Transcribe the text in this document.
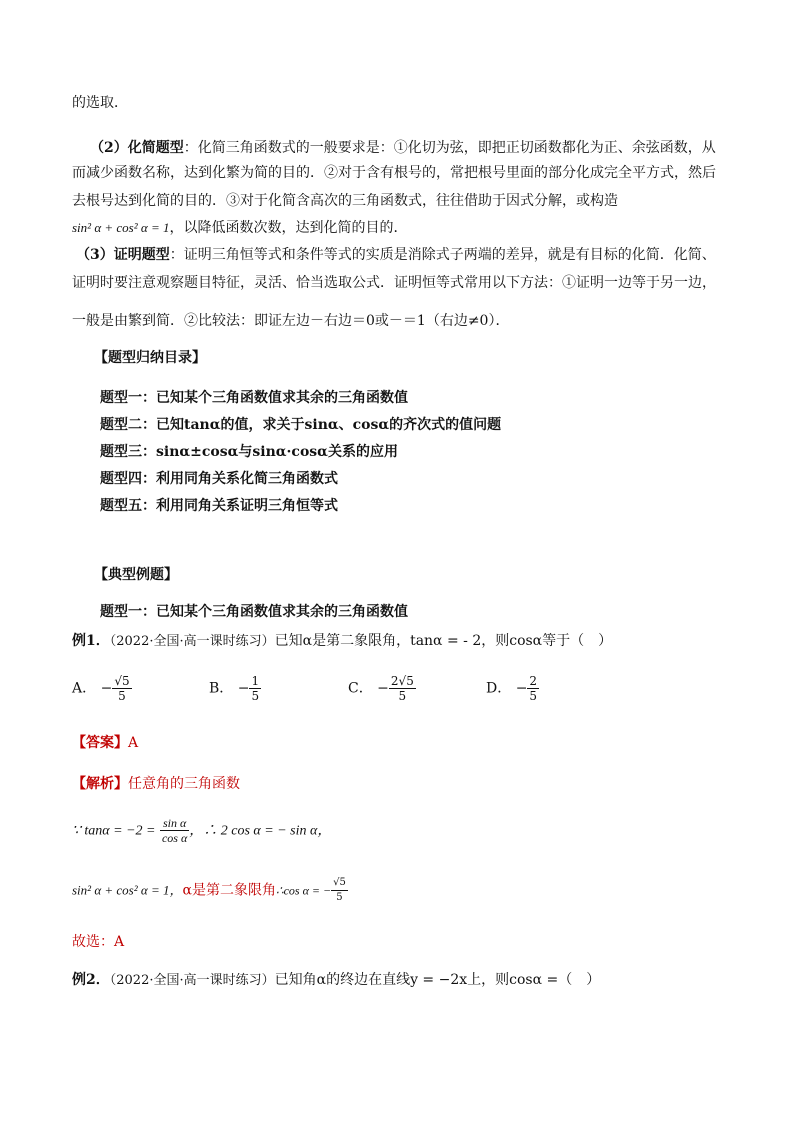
的选取．
（2）化简题型：化简三角函数式的一般要求是：①化切为弦，即把正切函数都化为正、余弦函数，从
而减少函数名称，达到化繁为简的目的．②对于含有根号的，常把根号里面的部分化成完全平方式，然后
去根号达到化简的目的．③对于化简含高次的三角函数式，往往借助于因式分解，或构造
sin² α + cos² α = 1，以降低函数次数，达到化简的目的．
（3）证明题型：证明三角恒等式和条件等式的实质是消除式子两端的差异，就是有目标的化简．化简、
证明时要注意观察题目特征，灵活、恰当选取公式．证明恒等式常用以下方法：①证明一边等于另一边，
一般是由繁到简．②比较法：即证左边－右边＝0或－＝1（右边≠0）．
【题型归纳目录】
题型一：已知某个三角函数值求其余的三角函数值
题型二：已知tanα的值，求关于sinα、cosα的齐次式的值问题
题型三：sinα±cosα与sinα·cosα关系的应用
题型四：利用同角关系化简三角函数式
题型五：利用同角关系证明三角恒等式
【典型例题】
题型一：已知某个三角函数值求其余的三角函数值
例1．（2022·全国·高一课时练习）已知α是第二象限角，tanα = - 2，则cosα等于（　）
A． − $\frac{√5}{5}$	B． − $\frac{1}{5}$	C． − $\frac{2√5}{5}$	D． − $\frac{2}{5}$
【答案】A
【解析】任意角的三角函数
∵ $\tan\alpha = -2 = \frac{\text{sin α}}{\text{cos α}}$ ，∴ 2 cos α = − sin α，
sin² α + cos² α = 1，α是第二象限角∴cos α = − $\frac{√5}{5}$
故选：A
例2．（2022·全国·高一课时练习）已知角α的终边在直线y = −2x上，则cosα =（　）
